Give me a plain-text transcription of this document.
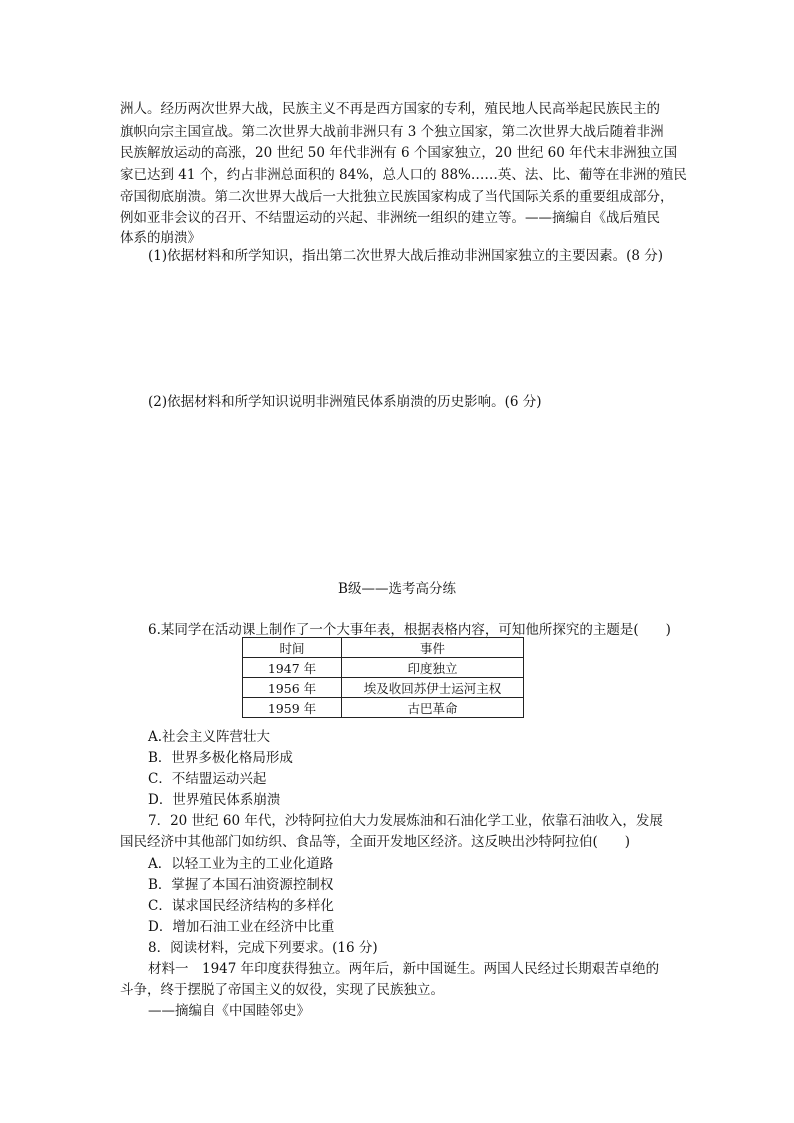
洲人。经历两次世界大战，民族主义不再是西方国家的专利，殖民地人民高举起民族民主的
旗帜向宗主国宣战。第二次世界大战前非洲只有 3 个独立国家，第二次世界大战后随着非洲
民族解放运动的高涨，20 世纪 50 年代非洲有 6 个国家独立，20 世纪 60 年代末非洲独立国
家已达到 41 个，约占非洲总面积的 84%，总人口的 88%……英、法、比、葡等在非洲的殖民
帝国彻底崩溃。第二次世界大战后一大批独立民族国家构成了当代国际关系的重要组成部分，
例如亚非会议的召开、不结盟运动的兴起、非洲统一组织的建立等。——摘编自《战后殖民
体系的崩溃》
(1)依据材料和所学知识，指出第二次世界大战后推动非洲国家独立的主要因素。(8 分)
(2)依据材料和所学知识说明非洲殖民体系崩溃的历史影响。(6 分)
B级——选考高分练
6.某同学在活动课上制作了一个大事年表，根据表格内容，可知他所探究的主题是(　　)
时间	事件
1947 年	印度独立
1956 年	埃及收回苏伊士运河主权
1959 年	古巴革命
A.社会主义阵营壮大
B．世界多极化格局形成
C．不结盟运动兴起
D．世界殖民体系崩溃
7．20 世纪 60 年代，沙特阿拉伯大力发展炼油和石油化学工业，依靠石油收入，发展
国民经济中其他部门如纺织、食品等，全面开发地区经济。这反映出沙特阿拉伯(　　)
A．以轻工业为主的工业化道路
B．掌握了本国石油资源控制权
C．谋求国民经济结构的多样化
D．增加石油工业在经济中比重
8．阅读材料，完成下列要求。(16 分)
材料一　1947 年印度获得独立。两年后，新中国诞生。两国人民经过长期艰苦卓绝的
斗争，终于摆脱了帝国主义的奴役，实现了民族独立。
——摘编自《中国睦邻史》
